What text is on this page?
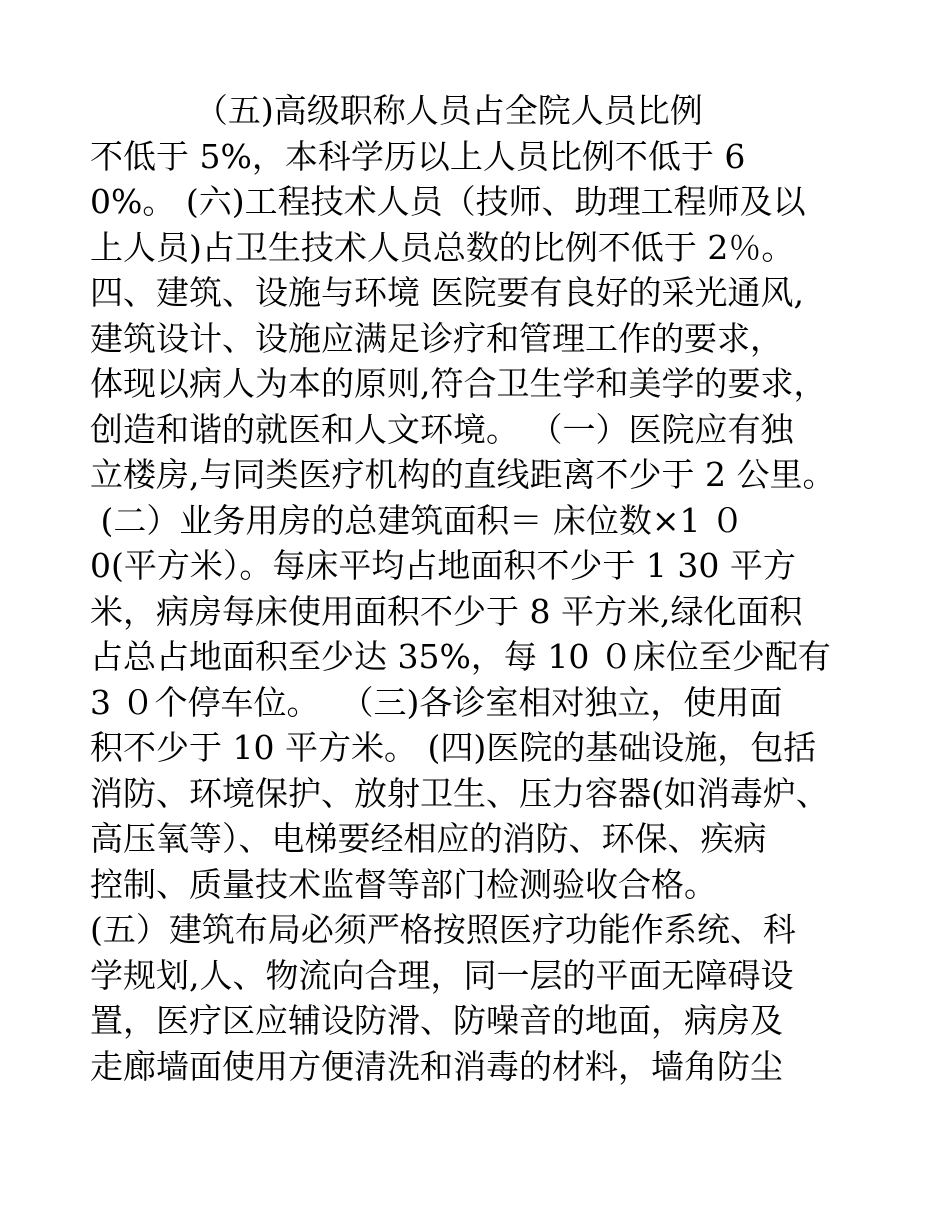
（五)高级职称人员占全院人员比例
不低于 5%，本科学历以上人员比例不低于 6
0%。 (六)工程技术人员（技师、助理工程师及以
上人员)占卫生技术人员总数的比例不低于 2％。
四、建筑、设施与环境 医院要有良好的采光通风,
建筑设计、设施应满足诊疗和管理工作的要求，
体现以病人为本的原则,符合卫生学和美学的要求，
创造和谐的就医和人文环境。 （一）医院应有独
立楼房,与同类医疗机构的直线距离不少于 2 公里。
(二）业务用房的总建筑面积＝ 床位数×1 ０
0(平方米）。每床平均占地面积不少于 1 30 平方
米，病房每床使用面积不少于 8 平方米,绿化面积
占总占地面积至少达 35%，每 10 ０床位至少配有
3 ０个停车位。  （三)各诊室相对独立，使用面
积不少于 10 平方米。 (四)医院的基础设施，包括
消防、环境保护、放射卫生、压力容器(如消毒炉、
高压氧等）、电梯要经相应的消防、环保、疾病
控制、质量技术监督等部门检测验收合格。
(五）建筑布局必须严格按照医疗功能作系统、科
学规划,人、物流向合理，同一层的平面无障碍设
置，医疗区应辅设防滑、防噪音的地面，病房及
走廊墙面使用方便清洗和消毒的材料，墙角防尘
